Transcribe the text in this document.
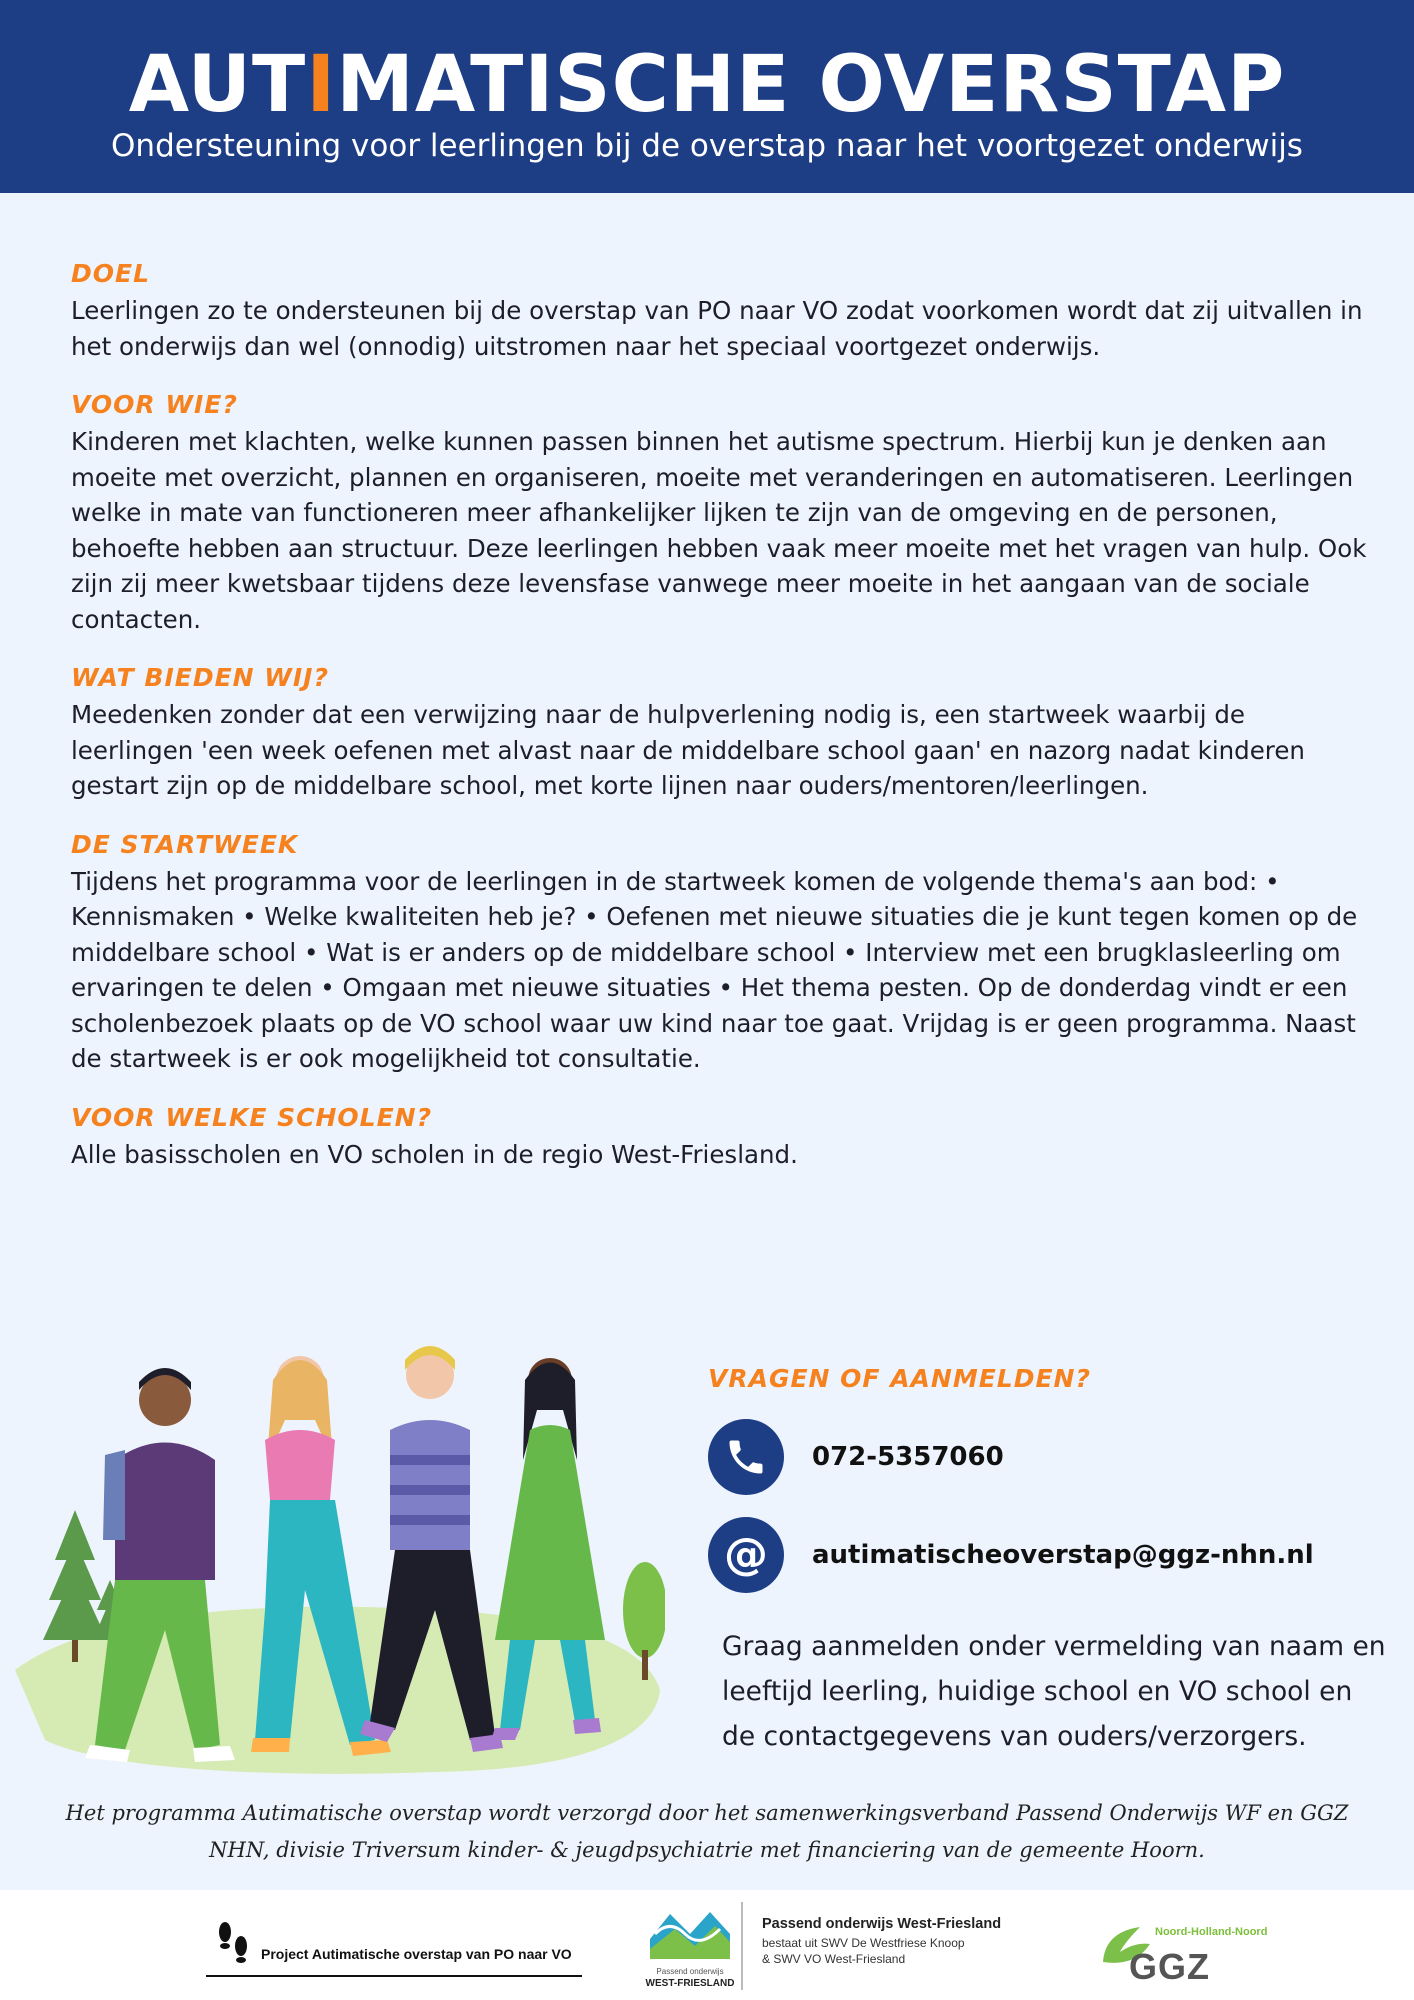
AUTIMATISCHE OVERSTAP
Ondersteuning voor leerlingen bij de overstap naar het voortgezet onderwijs
DOEL

Leerlingen zo te ondersteunen bij de overstap van PO naar VO zodat voorkomen wordt dat zij uitvallen in het onderwijs dan wel (onnodig) uitstromen naar het speciaal voortgezet onderwijs.

VOOR WIE?

Kinderen met klachten, welke kunnen passen binnen het autisme spectrum. Hierbij kun je denken aan moeite met overzicht, plannen en organiseren, moeite met veranderingen en automatiseren. Leerlingen welke in mate van functioneren meer afhankelijker lijken te zijn van de omgeving en de personen, behoefte hebben aan structuur. Deze leerlingen hebben vaak meer moeite met het vragen van hulp. Ook zijn zij meer kwetsbaar tijdens deze levensfase vanwege meer moeite in het aangaan van de sociale contacten.

WAT BIEDEN WIJ?

Meedenken zonder dat een verwijzing naar de hulpverlening nodig is, een startweek waarbij de leerlingen 'een week oefenen met alvast naar de middelbare school gaan' en nazorg nadat kinderen gestart zijn op de middelbare school, met korte lijnen naar ouders/mentoren/leerlingen.

DE STARTWEEK

Tijdens het programma voor de leerlingen in de startweek komen de volgende thema's aan bod: • Kennismaken • Welke kwaliteiten heb je? • Oefenen met nieuwe situaties die je kunt tegen komen op de middelbare school • Wat is er anders op de middelbare school • Interview met een brugklasleerling om ervaringen te delen • Omgaan met nieuwe situaties • Het thema pesten. Op de donderdag vindt er een scholenbezoek plaats op de VO school waar uw kind naar toe gaat. Vrijdag is er geen programma. Naast de startweek is er ook mogelijkheid tot consultatie.

VOOR WELKE SCHOLEN?

Alle basisscholen en VO scholen in de regio West-Friesland.

VRAGEN OF AANMELDEN?
072-5357060
@ autimatischeoverstap@ggz-nhn.nl
Graag aanmelden onder vermelding van naam en leeftijd leerling, huidige school en VO school en de contactgegevens van ouders/verzorgers.
Het programma Autimatische overstap wordt verzorgd door het samenwerkingsverband Passend Onderwijs WF en GGZ NHN, divisie Triversum kinder- & jeugdpsychiatrie met financiering van de gemeente Hoorn.
Project Autimatische overstap van PO naar VO
Passend onderwijs
WEST-FRIESLAND
Passend onderwijs West-Friesland
bestaat uit SWV De Westfriese Knoop
& SWV VO West-Friesland
Noord-Holland-Noord
GGZ
